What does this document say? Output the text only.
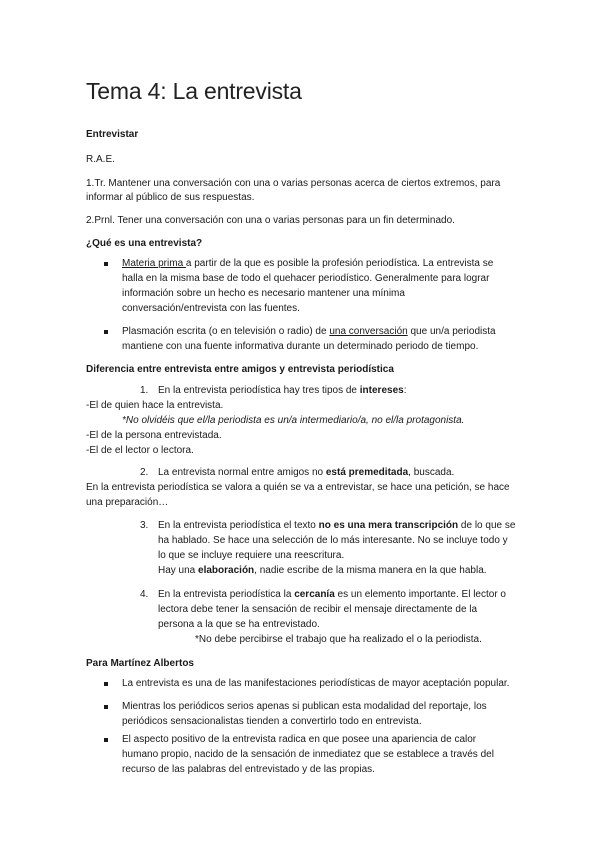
Tema 4: La entrevista
Entrevistar
R.A.E.
1.Tr. Mantener una conversación con una o varias personas acerca de ciertos extremos, para
informar al público de sus respuestas.
2.Prnl. Tener una conversación con una o varias personas para un fin determinado.
¿Qué es una entrevista?
Materia prima a partir de la que es posible la profesión periodística. La entrevista se
halla en la misma base de todo el quehacer periodístico. Generalmente para lograr
información sobre un hecho es necesario mantener una mínima
conversación/entrevista con las fuentes.
Plasmación escrita (o en televisión o radio) de una conversación que un/a periodista
mantiene con una fuente informativa durante un determinado periodo de tiempo.
Diferencia entre entrevista entre amigos y entrevista periodística
1. En la entrevista periodística hay tres tipos de intereses:
-El de quien hace la entrevista.
*No olvidéis que el/la periodista es un/a intermediario/a, no el/la protagonista.
-El de la persona entrevistada.
-El de el lector o lectora.
2. La entrevista normal entre amigos no está premeditada, buscada.
En la entrevista periodística se valora a quién se va a entrevistar, se hace una petición, se hace
una preparación…
3. En la entrevista periodística el texto no es una mera transcripción de lo que se
ha hablado. Se hace una selección de lo más interesante. No se incluye todo y
lo que se incluye requiere una reescritura.
Hay una elaboración, nadie escribe de la misma manera en la que habla.
4. En la entrevista periodística la cercanía es un elemento importante. El lector o
lectora debe tener la sensación de recibir el mensaje directamente de la
persona a la que se ha entrevistado.
*No debe percibirse el trabajo que ha realizado el o la periodista.
Para Martínez Albertos
La entrevista es una de las manifestaciones periodísticas de mayor aceptación popular.
Mientras los periódicos serios apenas si publican esta modalidad del reportaje, los
periódicos sensacionalistas tienden a convertirlo todo en entrevista.
El aspecto positivo de la entrevista radica en que posee una apariencia de calor
humano propio, nacido de la sensación de inmediatez que se establece a través del
recurso de las palabras del entrevistado y de las propias.
